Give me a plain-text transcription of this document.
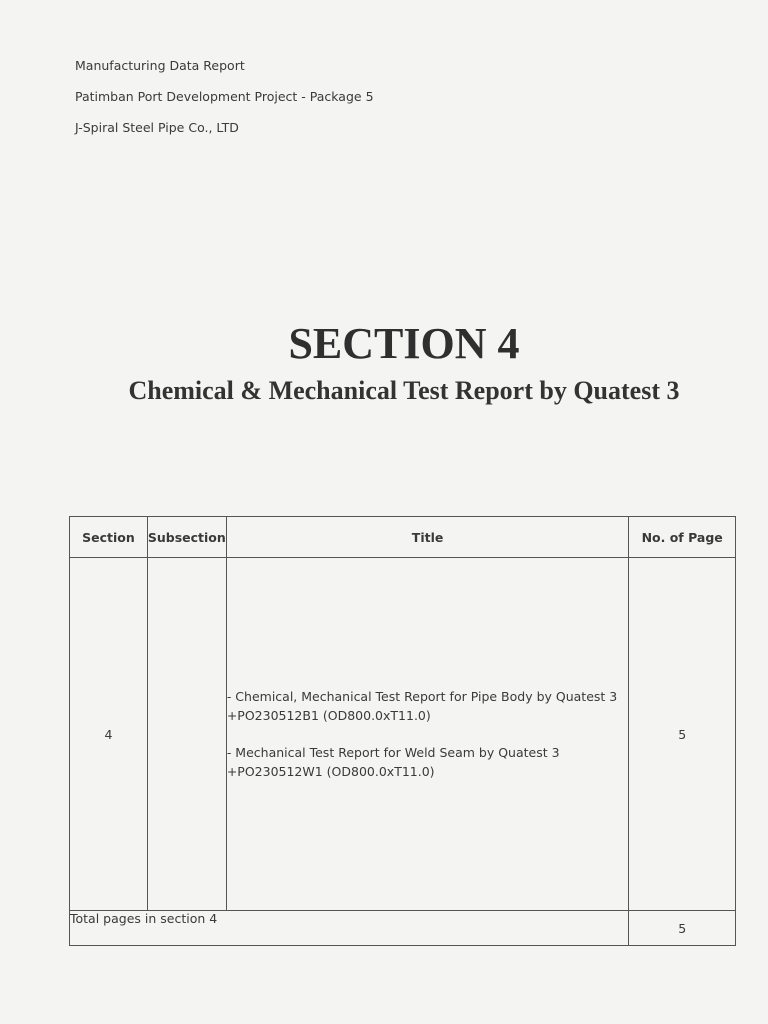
Manufacturing Data Report
Patimban Port Development Project - Package 5
J-Spiral Steel Pipe Co., LTD
SECTION 4
Chemical & Mechanical Test Report by Quatest 3
Section	Subsection	Title	No. of Page
4		- Chemical, Mechanical Test Report for Pipe Body by Quatest 3
+PO230512B1 (OD800.0xT11.0)
- Mechanical Test Report for Weld Seam by Quatest 3
+PO230512W1 (OD800.0xT11.0)	5
Total pages in section 4			5
